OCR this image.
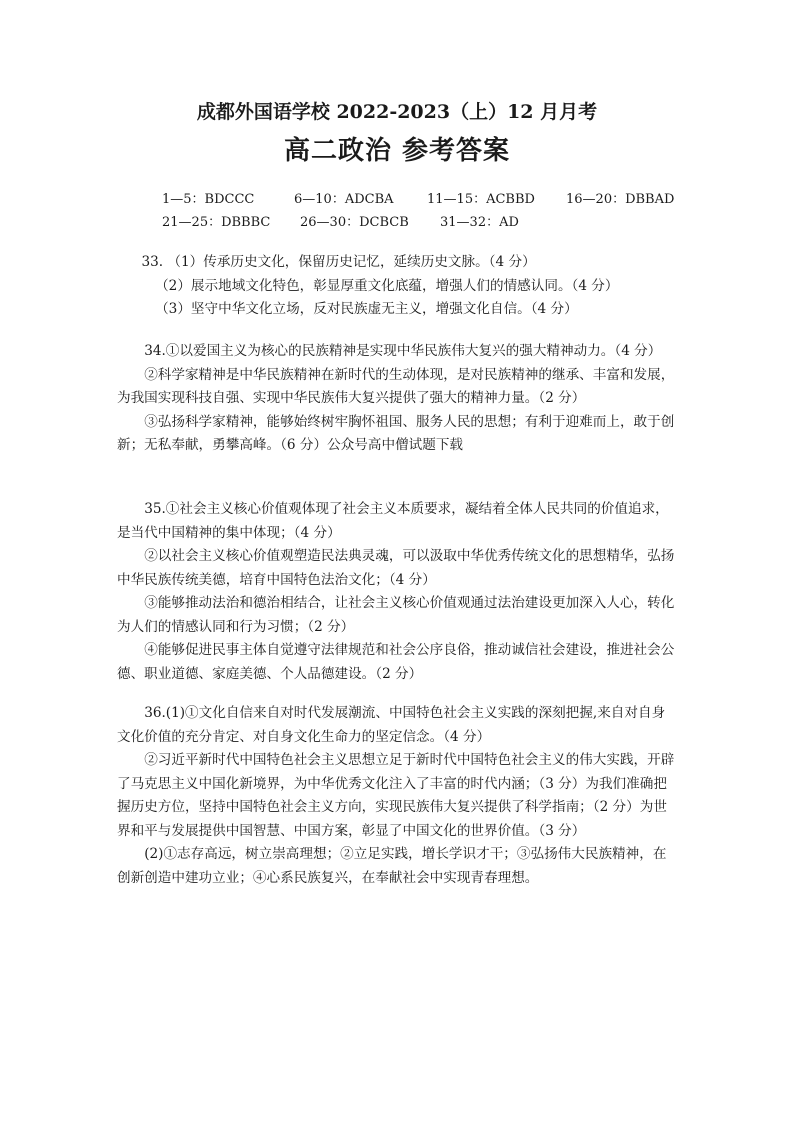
成都外国语学校 2022-2023（上）12 月月考
高二政治 参考答案
1—5：BDCCC	6—10：ADCBA	11—15：ACBBD 16—20：DBBAD
21—25：DBBBC 26—30：DCBCB 31—32：AD

33. （1）传承历史文化，保留历史记忆，延续历史文脉。（4 分）

（2）展示地域文化特色，彰显厚重文化底蕴，增强人们的情感认同。（4 分）

（3）坚守中华文化立场，反对民族虚无主义，增强文化自信。（4 分）

34.①以爱国主义为核心的民族精神是实现中华民族伟大复兴的强大精神动力。（4 分）

②科学家精神是中华民族精神在新时代的生动体现，是对民族精神的继承、丰富和发展，为我国实现科技自强、实现中华民族伟大复兴提供了强大的精神力量。（2 分）

③弘扬科学家精神，能够始终树牢胸怀祖国、服务人民的思想；有利于迎难而上，敢于创新；无私奉献，勇攀高峰。（6 分）公众号高中僧试题下载

35.①社会主义核心价值观体现了社会主义本质要求，凝结着全体人民共同的价值追求，是当代中国精神的集中体现；（4 分）

②以社会主义核心价值观塑造民法典灵魂，可以汲取中华优秀传统文化的思想精华，弘扬中华民族传统美德，培育中国特色法治文化；（4 分）

③能够推动法治和德治相结合，让社会主义核心价值观通过法治建设更加深入人心，转化为人们的情感认同和行为习惯；（2 分）

④能够促进民事主体自觉遵守法律规范和社会公序良俗，推动诚信社会建设，推进社会公德、职业道德、家庭美德、个人品德建设。（2 分）

36.(1)①文化自信来自对时代发展潮流、中国特色社会主义实践的深刻把握,来自对自身文化价值的充分肯定、对自身文化生命力的坚定信念。（4 分）

②习近平新时代中国特色社会主义思想立足于新时代中国特色社会主义的伟大实践，开辟了马克思主义中国化新境界，为中华优秀文化注入了丰富的时代内涵；（3 分）为我们准确把握历史方位，坚持中国特色社会主义方向，实现民族伟大复兴提供了科学指南；（2 分）为世界和平与发展提供中国智慧、中国方案，彰显了中国文化的世界价值。（3 分）

(2)①志存高远，树立崇高理想；②立足实践，增长学识才干；③弘扬伟大民族精神，在创新创造中建功立业；④心系民族复兴，在奉献社会中实现青春理想。
